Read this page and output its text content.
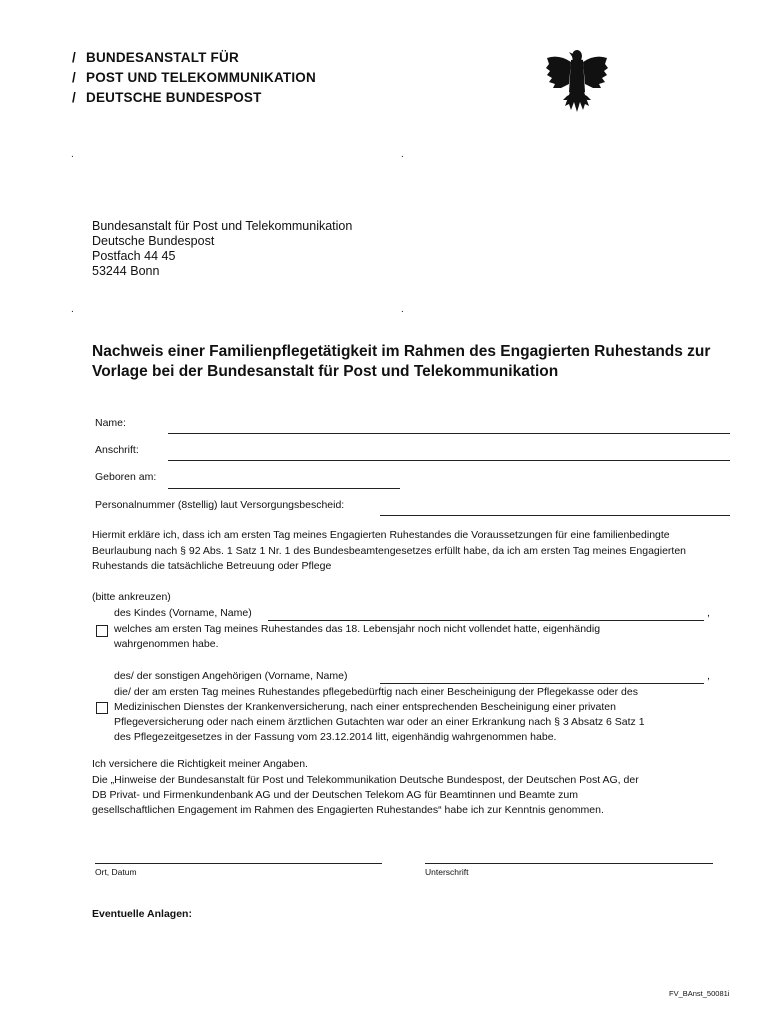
/ BUNDESANSTALT FÜR
/ POST UND TELEKOMMUNIKATION
/ DEUTSCHE BUNDESPOST
.	.
.	.
Bundesanstalt für Post und Telekommunikation
Deutsche Bundespost
Postfach 44 45
53244 Bonn
Nachweis einer Familienpflegetätigkeit im Rahmen des Engagierten Ruhestands zur Vorlage bei der Bundesanstalt für Post und Telekommunikation
Name:
Anschrift:
Geboren am:
Personalnummer (8stellig) laut Versorgungsbescheid:
Hiermit erkläre ich, dass ich am ersten Tag meines Engagierten Ruhestandes die Voraussetzungen für eine familienbedingte Beurlaubung nach § 92 Abs. 1 Satz 1 Nr. 1 des Bundesbeamtengesetzes erfüllt habe, da ich am ersten Tag meines Engagierten Ruhestands die tatsächliche Betreuung oder Pflege
(bitte ankreuzen)
des Kindes (Vorname, Name)	,
welches am ersten Tag meines Ruhestandes das 18. Lebensjahr noch nicht vollendet hatte, eigenhändig
wahrgenommen habe.
des/ der sonstigen Angehörigen (Vorname, Name)	,
die/ der am ersten Tag meines Ruhestandes pflegebedürftig nach einer Bescheinigung der Pflegekasse oder des
Medizinischen Dienstes der Krankenversicherung, nach einer entsprechenden Bescheinigung einer privaten
Pflegeversicherung oder nach einem ärztlichen Gutachten war oder an einer Erkrankung nach § 3 Absatz 6 Satz 1
des Pflegezeitgesetzes in der Fassung vom 23.12.2014 litt, eigenhändig wahrgenommen habe.
Ich versichere die Richtigkeit meiner Angaben.
Die „Hinweise der Bundesanstalt für Post und Telekommunikation Deutsche Bundespost, der Deutschen Post AG, der
DB Privat- und Firmenkundenbank AG und der Deutschen Telekom AG für Beamtinnen und Beamte zum
gesellschaftlichen Engagement im Rahmen des Engagierten Ruhestandes“ habe ich zur Kenntnis genommen.
Ort, Datum	Unterschrift
Eventuelle Anlagen:
FV_BAnst_50081i
